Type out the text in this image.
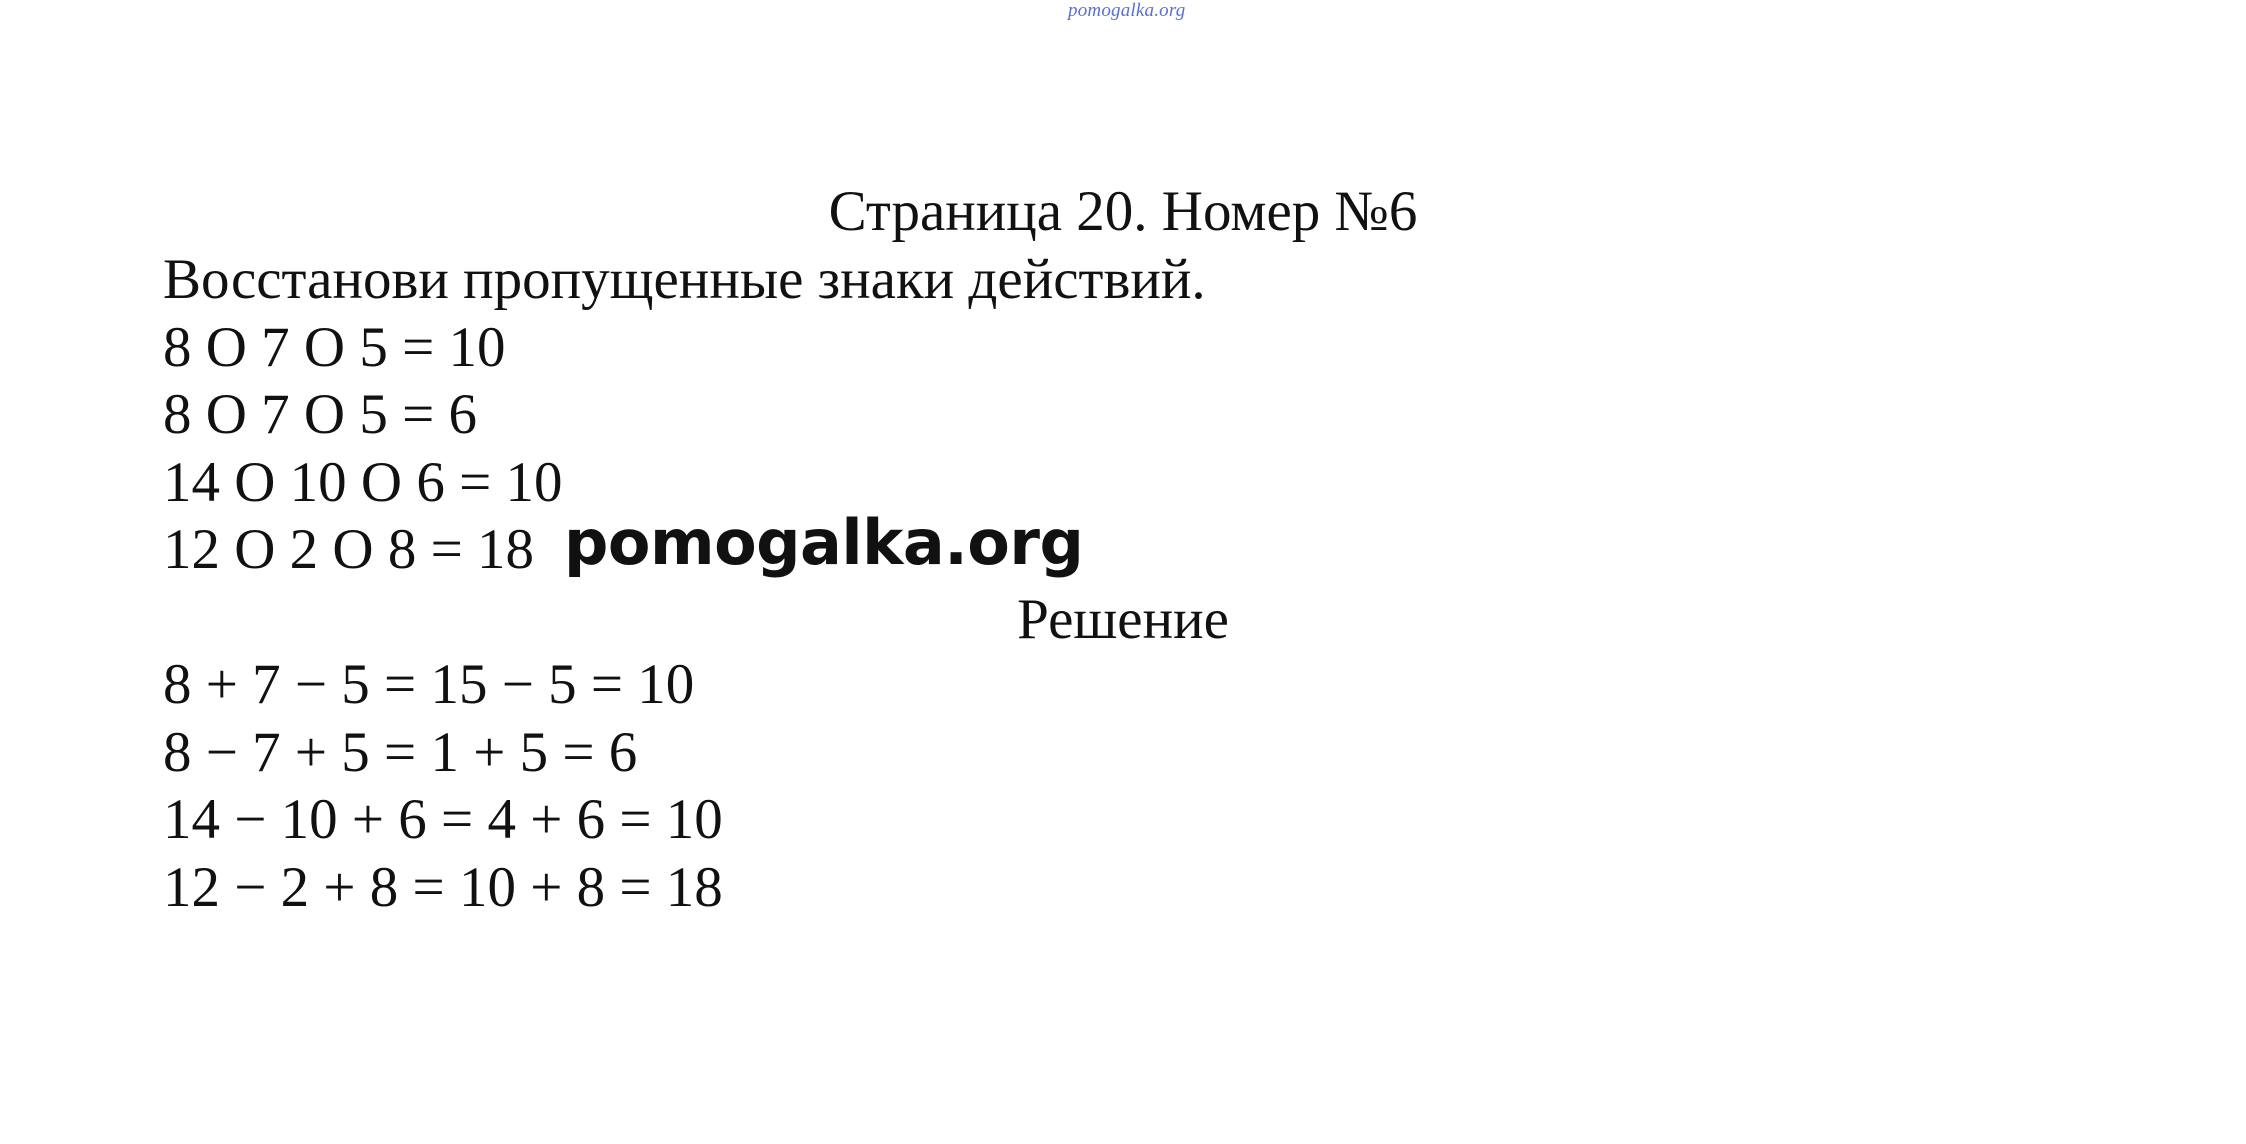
pomogalka.org
Страница 20. Номер №6
Восстанови пропущенные знаки действий.
8 O 7 O 5 = 10
8 O 7 O 5 = 6
14 O 10 O 6 = 10
12 O 2 O 8 = 18
Решение
8 + 7 − 5 = 15 − 5 = 10
8 − 7 + 5 = 1 + 5 = 6
14 − 10 + 6 = 4 + 6 = 10
12 − 2 + 8 = 10 + 8 = 18
pomogalka.org
